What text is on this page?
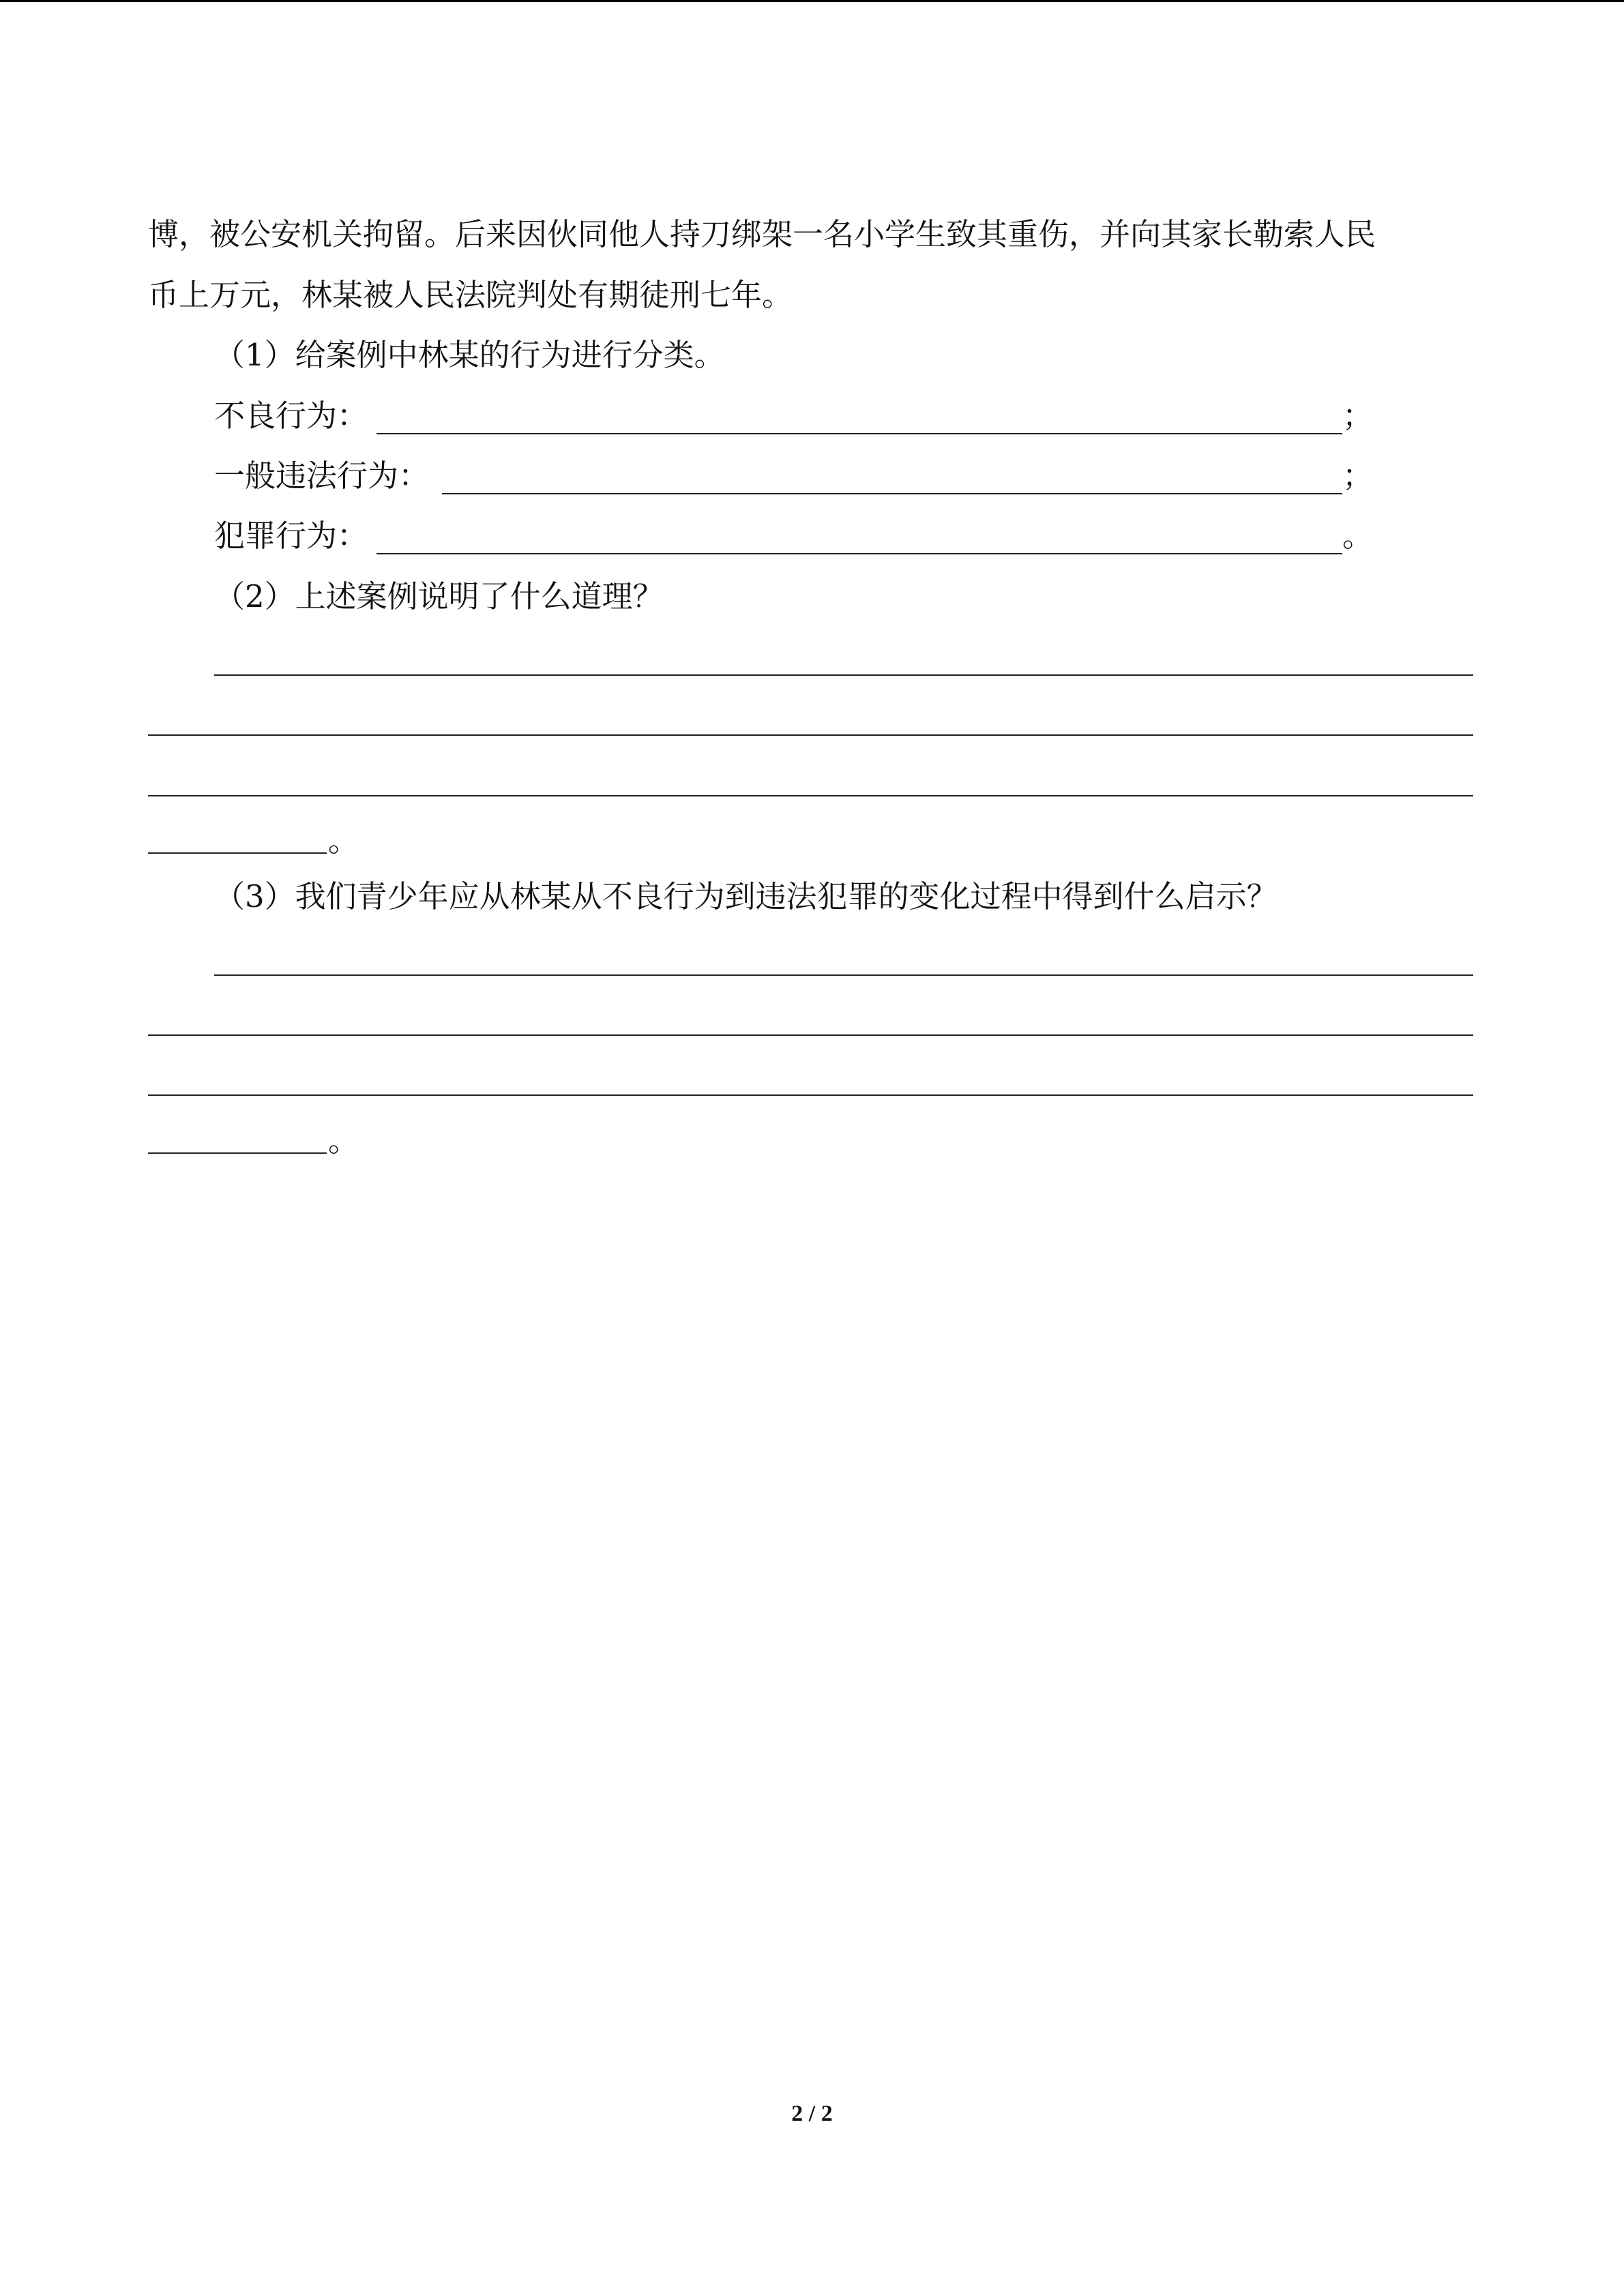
博，被公安机关拘留。后来因伙同他人持刀绑架一名小学生致其重伤，并向其家长勒索人民
币上万元，林某被人民法院判处有期徒刑七年。
（1）给案例中林某的行为进行分类。
不良行为：	；
一般违法行为：	；
犯罪行为：	。
（2）上述案例说明了什么道理？
。
（3）我们青少年应从林某从不良行为到违法犯罪的变化过程中得到什么启示？
。
2 / 2
